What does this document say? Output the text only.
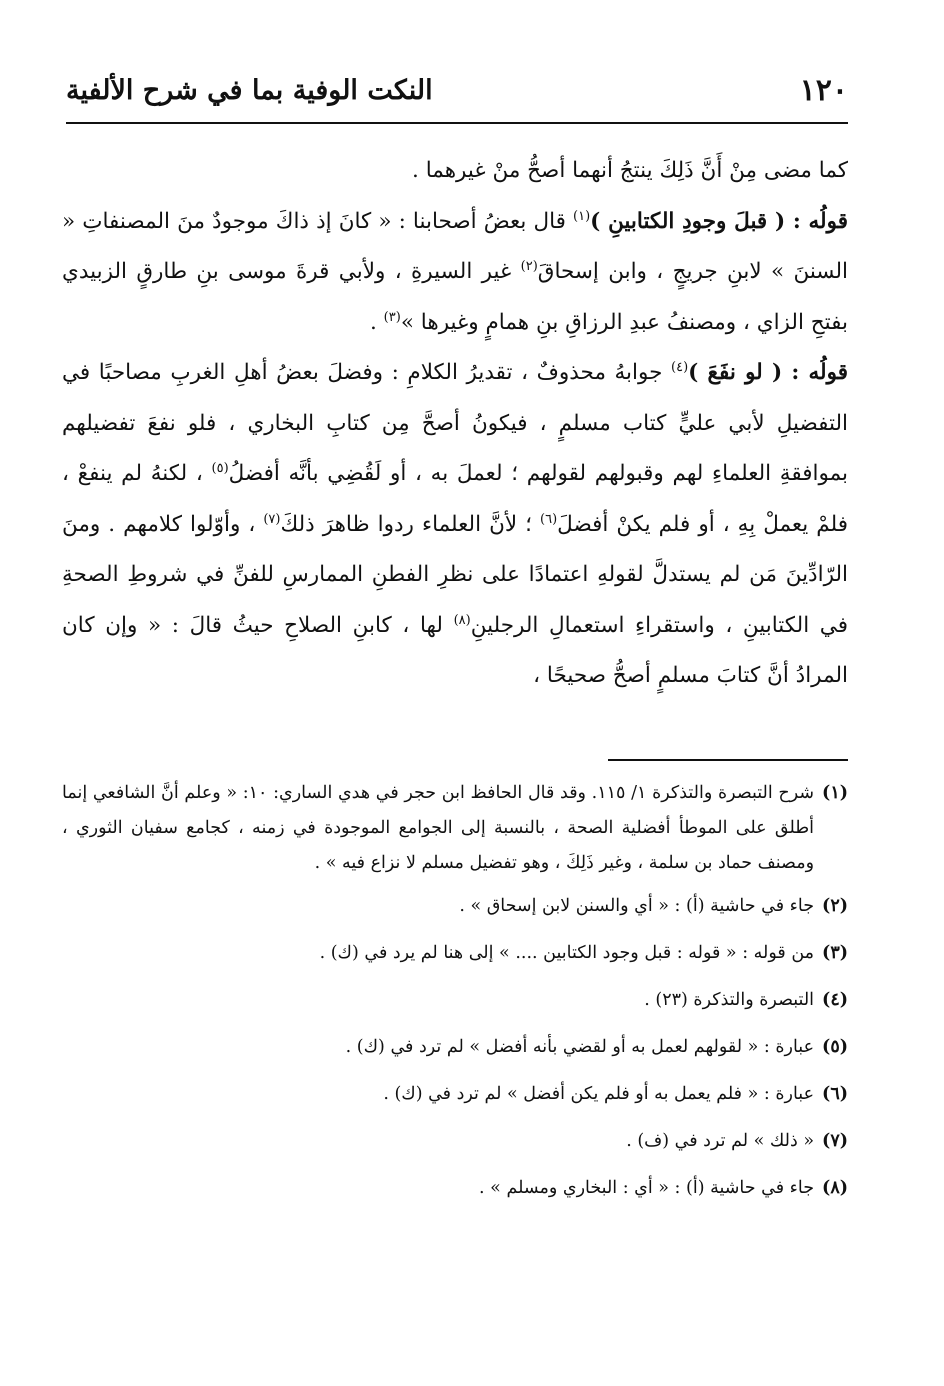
١٢٠
النكت الوفية بما في شرح الألفية

كما مضى مِنْ أَنَّ ذَلِكَ ينتجُ أنهما أصحُّ منْ غيرهما .

قولُه : ( قبلَ وجودِ الكتابينِ )$^{(١)}$ قال بعضُ أصحابنا : « كانَ إذ ذاكَ موجودٌ منَ المصنفاتِ « السننَ » لابنِ جريجٍ ، وابن إسحاقَ$^{(٢)}$ غير السيرةِ ، ولأبي قرةَ موسى بنِ طارقٍ الزبيدي بفتحِ الزاي ، ومصنفُ عبدِ الرزاقِ بنِ همامٍ وغيرها »$^{(٣)}$ .

قولُه : ( لو نفَعَ )$^{(٤)}$ جوابهُ محذوفٌ ، تقديرُ الكلامِ : وفضلَ بعضُ أهلِ الغربِ مصاحبًا في التفضيلِ لأبي عليٍّ كتاب مسلمٍ ، فيكونُ أصحَّ مِن كتابِ البخاري ، فلو نفعَ تفضيلهم بموافقةِ العلماءِ لهم وقبولهم لقولهم ؛ لعملَ به ، أو لَقُضِي بأنَّه أفضلُ$^{(٥)}$ ، لكنهُ لم ينفعْ ، فلمْ يعملْ بِهِ ، أو فلم يكنْ أفضلَ$^{(٦)}$ ؛ لأنَّ العلماء ردوا ظاهرَ ذلكَ$^{(٧)}$ ، وأوّلوا كلامهم . ومنَ الرّادِّينَ مَن لم يستدلَّ لقولهِ اعتمادًا على نظرِ الفطنِ الممارسِ للفنِّ في شروطِ الصحةِ في الكتابينِ ، واستقراءِ استعمالِ الرجلينِ$^{(٨)}$ لها ، كابنِ الصلاحِ حيثُ قالَ : « وإن كان المرادُ أنَّ كتابَ مسلمٍ أصحُّ صحيحًا ،

(١)
شرح التبصرة والتذكرة ١/ ١١٥. وقد قال الحافظ ابن حجر في هدي الساري: ١٠: « وعلم أنَّ الشافعي إنما أطلق على الموطأ أفضلية الصحة ، بالنسبة إلى الجوامع الموجودة في زمنه ، كجامع سفيان الثوري ، ومصنف حماد بن سلمة ، وغير ذَلِكَ ، وهو تفضيل مسلم لا نزاع فيه » .
(٢)
جاء في حاشية (أ) : « أي والسنن لابن إسحاق » .
(٣)
من قوله : « قوله : قبل وجود الكتابين .... » إلى هنا لم يرد في (ك) .
(٤)
التبصرة والتذكرة (٢٣) .
(٥)
عبارة : « لقولهم لعمل به أو لقضي بأنه أفضل » لم ترد في (ك) .
(٦)
عبارة : « فلم يعمل به أو فلم يكن أفضل » لم ترد في (ك) .
(٧)
« ذلك » لم ترد في (ف) .
(٨)
جاء في حاشية (أ) : « أي : البخاري ومسلم » .
